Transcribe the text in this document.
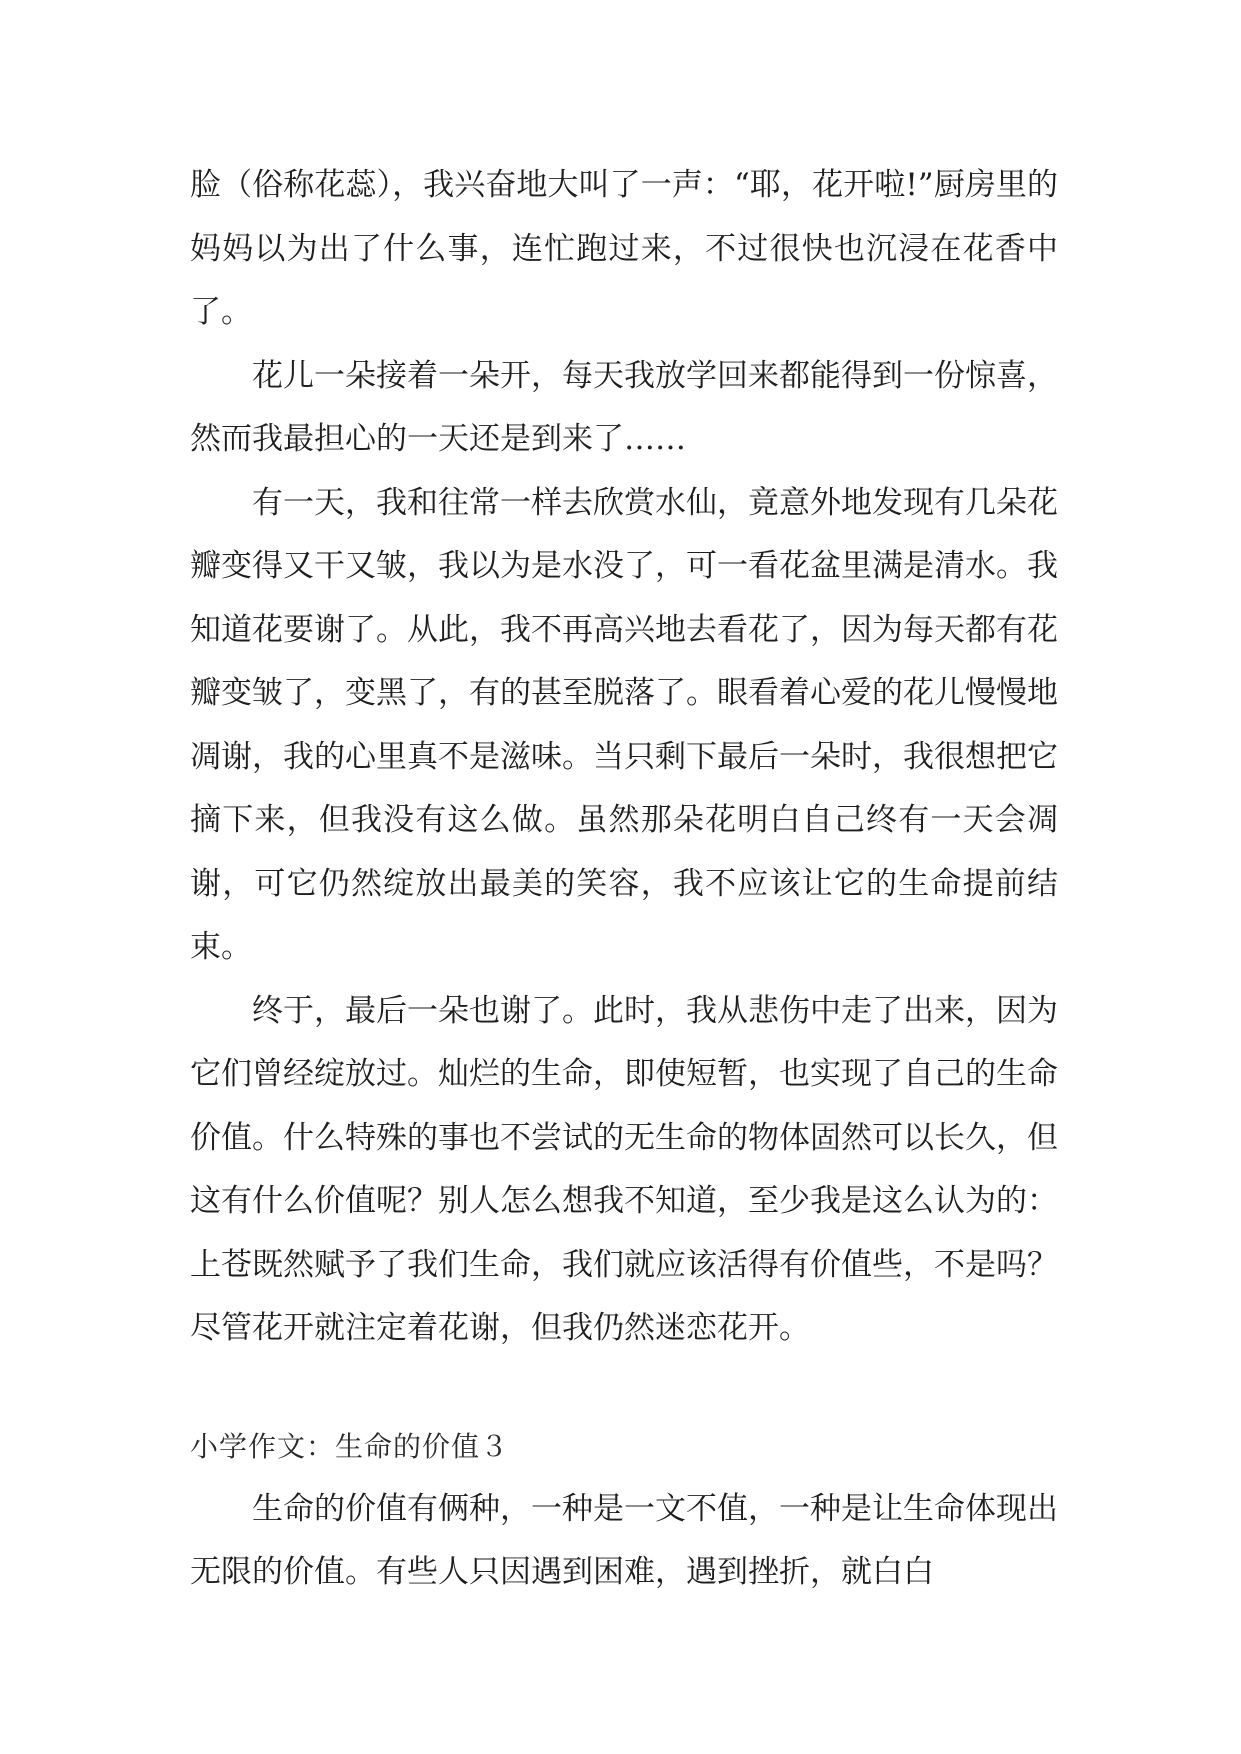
脸（俗称花蕊），我兴奋地大叫了一声：“耶，花开啦!”厨房里的妈妈以为出了什么事，连忙跑过来，不过很快也沉浸在花香中了。

花儿一朵接着一朵开，每天我放学回来都能得到一份惊喜，然而我最担心的一天还是到来了……

有一天，我和往常一样去欣赏水仙，竟意外地发现有几朵花瓣变得又干又皱，我以为是水没了，可一看花盆里满是清水。我知道花要谢了。从此，我不再高兴地去看花了，因为每天都有花瓣变皱了，变黑了，有的甚至脱落了。眼看着心爱的花儿慢慢地凋谢，我的心里真不是滋味。当只剩下最后一朵时，我很想把它摘下来，但我没有这么做。虽然那朵花明白自己终有一天会凋谢，可它仍然绽放出最美的笑容，我不应该让它的生命提前结束。

终于，最后一朵也谢了。此时，我从悲伤中走了出来，因为它们曾经绽放过。灿烂的生命，即使短暂，也实现了自己的生命价值。什么特殊的事也不尝试的无生命的物体固然可以长久，但这有什么价值呢？别人怎么想我不知道，至少我是这么认为的：上苍既然赋予了我们生命，我们就应该活得有价值些，不是吗？尽管花开就注定着花谢，但我仍然迷恋花开。

小学作文：生命的价值３

生命的价值有俩种，一种是一文不值，一种是让生命体现出无限的价值。有些人只因遇到困难，遇到挫折，就白白
